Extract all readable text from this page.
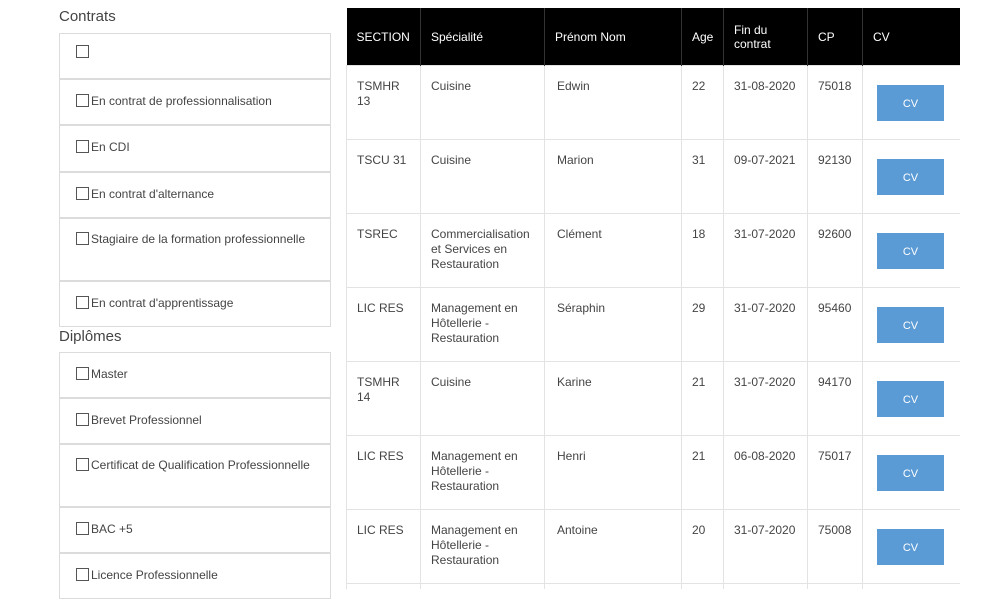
Contrats
En contrat de professionnalisation
En CDI
En contrat d'alternance
Stagiaire de la formation professionnelle
En contrat d'apprentissage
Diplômes
Master
Brevet Professionnel
Certificat de Qualification Professionnelle
BAC +5
Licence Professionnelle
SECTION	Spécialité	Prénom Nom	Age	Fin du contrat	CP	CV
TSMHR 13	Cuisine	Edwin	22	31-08-2020	75018	CV
TSCU 31	Cuisine	Marion	31	09-07-2021	92130	CV
TSREC	Commercialisation et Services en Restauration	Clément	18	31-07-2020	92600	CV
LIC RES	Management en Hôtellerie - Restauration	Séraphin	29	31-07-2020	95460	CV
TSMHR 14	Cuisine	Karine	21	31-07-2020	94170	CV
LIC RES	Management en Hôtellerie - Restauration	Henri	21	06-08-2020	75017	CV
LIC RES	Management en Hôtellerie - Restauration	Antoine	20	31-07-2020	75008	CV
